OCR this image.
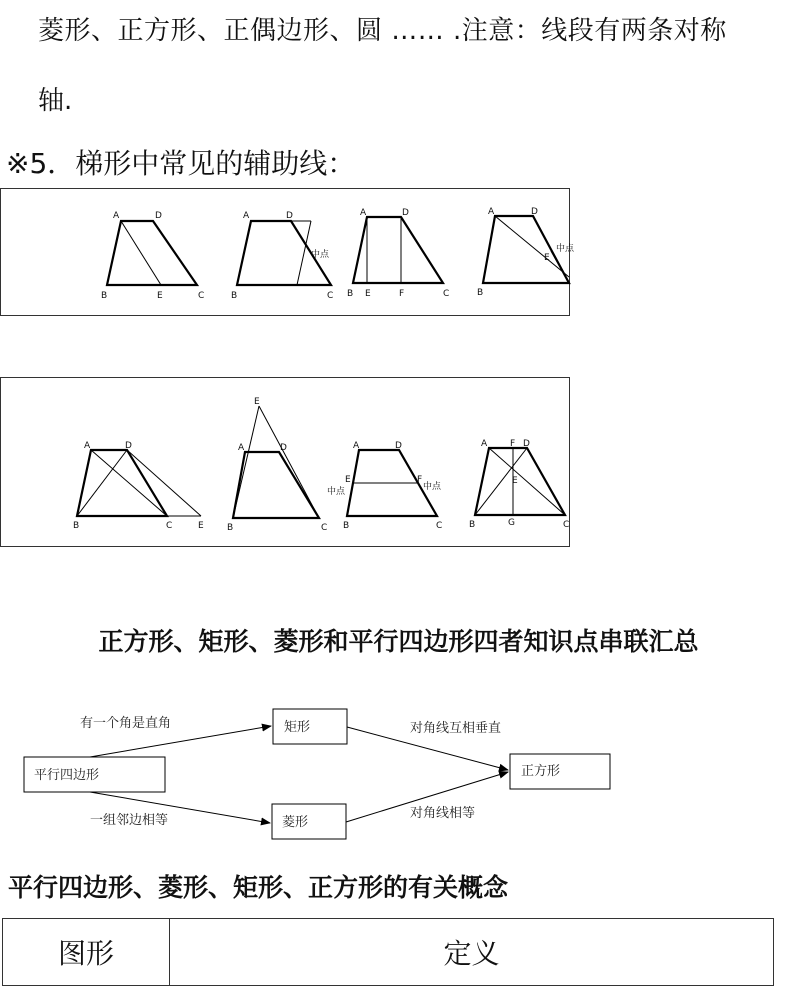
菱形、正方形、正偶边形、圆 …… .注意：线段有两条对称
轴.
※5．梯形中常见的辅助线：
A	D
B	E	C
A	D
中点
B	C
A	D
B E	F	C
A	D
中点
E
B
A	D
B	C	E
E
A	D
B	C
A	D
E	F
中点	中点
B	C
A	F D
E
B	G	C
正方形、矩形、菱形和平行四边形四者知识点串联汇总
平行四边形
矩形
菱形
正方形
有一个角是直角
一组邻边相等
对角线互相垂直
对角线相等
平行四边形、菱形、矩形、正方形的有关概念
图形	定义
